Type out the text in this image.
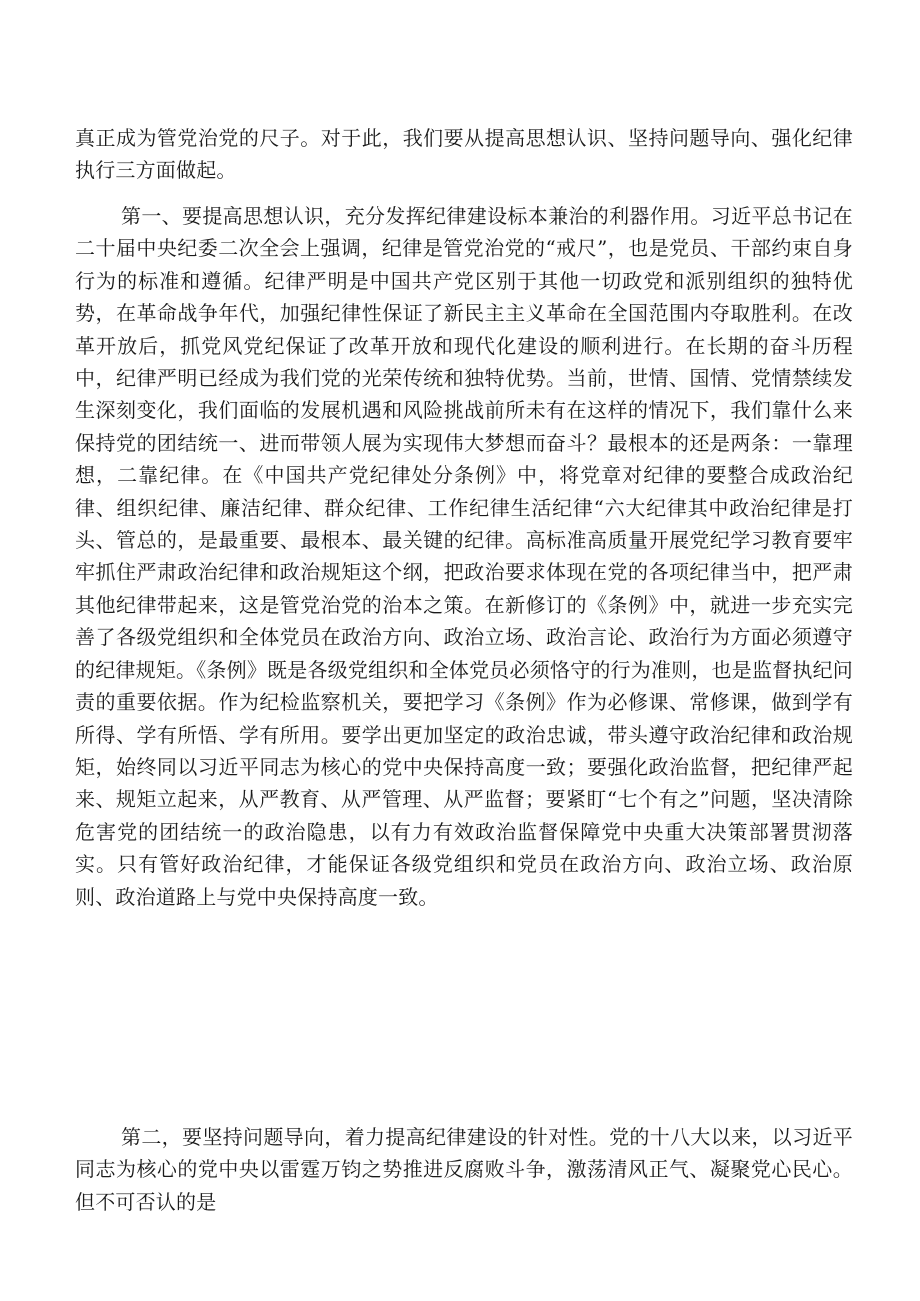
真正成为管党治党的尺子。对于此，我们要从提高思想认识、坚持问题导向、强化纪律执行三方面做起。

第一、要提高思想认识，充分发挥纪律建设标本兼治的利器作用。习近平总书记在二十届中央纪委二次全会上强调，纪律是管党治党的“戒尺”，也是党员、干部约束自身行为的标准和遵循。纪律严明是中国共产党区别于其他一切政党和派别组织的独特优势，在革命战争年代，加强纪律性保证了新民主主义革命在全国范围内夺取胜利。在改革开放后，抓党风党纪保证了改革开放和现代化建设的顺利进行。在长期的奋斗历程中，纪律严明已经成为我们党的光荣传统和独特优势。当前，世情、国情、党情禁续发生深刻变化，我们面临的发展机遇和风险挑战前所未有在这样的情况下，我们靠什么来保持党的团结统一、进而带领人展为实现伟大梦想而奋斗？最根本的还是两条：一靠理想，二靠纪律。在《中国共产党纪律处分条例》中，将党章对纪律的要整合成政治纪律、组织纪律、廉洁纪律、群众纪律、工作纪律生活纪律“六大纪律其中政治纪律是打头、管总的，是最重要、最根本、最关键的纪律。高标准高质量开展党纪学习教育要牢牢抓住严肃政治纪律和政治规矩这个纲，把政治要求体现在党的各项纪律当中，把严肃其他纪律带起来，这是管党治党的治本之策。在新修订的《条例》中，就进一步充实完善了各级党组织和全体党员在政治方向、政治立场、政治言论、政治行为方面必须遵守的纪律规矩。《条例》既是各级党组织和全体党员必须恪守的行为准则，也是监督执纪问责的重要依据。作为纪检监察机关，要把学习《条例》作为必修课、常修课，做到学有所得、学有所悟、学有所用。要学出更加坚定的政治忠诚，带头遵守政治纪律和政治规矩，始终同以习近平同志为核心的党中央保持高度一致；要强化政治监督，把纪律严起来、规矩立起来，从严教育、从严管理、从严监督；要紧盯“七个有之”问题，坚决清除危害党的团结统一的政治隐患，以有力有效政治监督保障党中央重大决策部署贯沏落实。只有管好政治纪律，才能保证各级党组织和党员在政治方向、政治立场、政治原则、政治道路上与党中央保持高度一致。

第二，要坚持问题导向，着力提高纪律建设的针对性。党的十八大以来，以习近平同志为核心的党中央以雷霆万钧之势推进反腐败斗争，激荡清风正气、凝聚党心民心。但不可否认的是
